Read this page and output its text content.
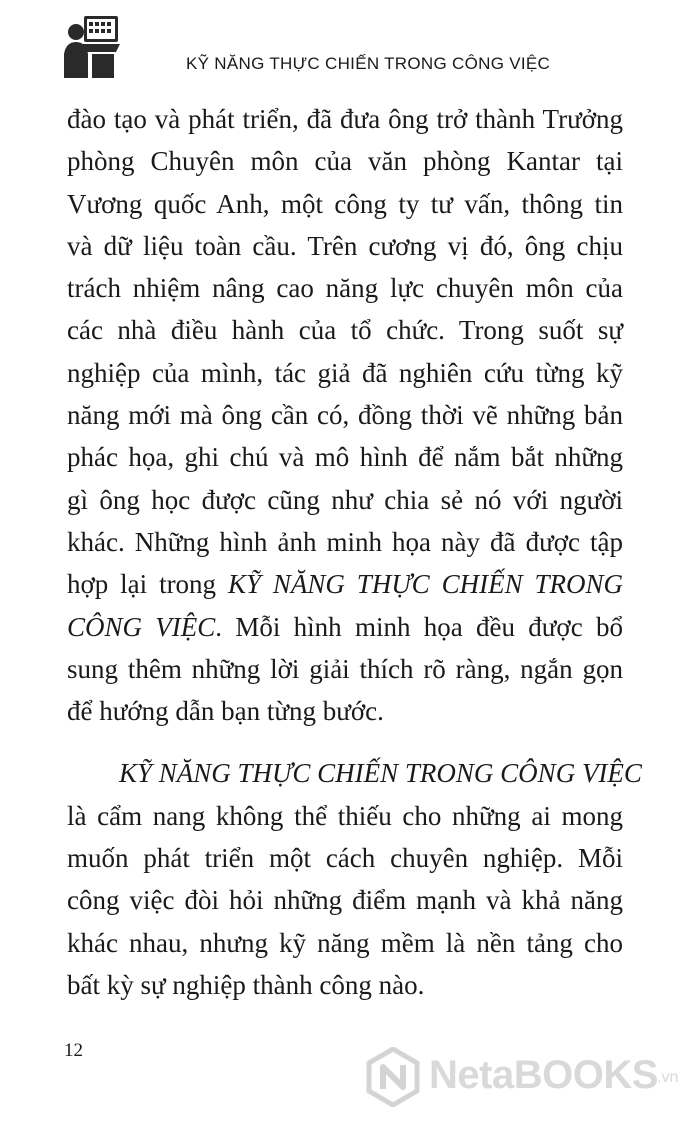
KỸ NĂNG THỰC CHIẾN TRONG CÔNG VIỆC

đào tạo và phát triển, đã đưa ông trở thành Trưởng
phòng Chuyên môn của văn phòng Kantar tại
Vương quốc Anh, một công ty tư vấn, thông tin
và dữ liệu toàn cầu. Trên cương vị đó, ông chịu
trách nhiệm nâng cao năng lực chuyên môn của
các nhà điều hành của tổ chức. Trong suốt sự
nghiệp của mình, tác giả đã nghiên cứu từng kỹ
năng mới mà ông cần có, đồng thời vẽ những bản
phác họa, ghi chú và mô hình để nắm bắt những
gì ông học được cũng như chia sẻ nó với người
khác. Những hình ảnh minh họa này đã được tập
hợp lại trong KỸ NĂNG THỰC CHIẾN TRONG
CÔNG VIỆC. Mỗi hình minh họa đều được bổ
sung thêm những lời giải thích rõ ràng, ngắn gọn
để hướng dẫn bạn từng bước.

KỸ NĂNG THỰC CHIẾN TRONG CÔNG VIỆC
là cẩm nang không thể thiếu cho những ai mong
muốn phát triển một cách chuyên nghiệp. Mỗi
công việc đòi hỏi những điểm mạnh và khả năng
khác nhau, nhưng kỹ năng mềm là nền tảng cho
bất kỳ sự nghiệp thành công nào.

12
NetaBOOKS .vn
